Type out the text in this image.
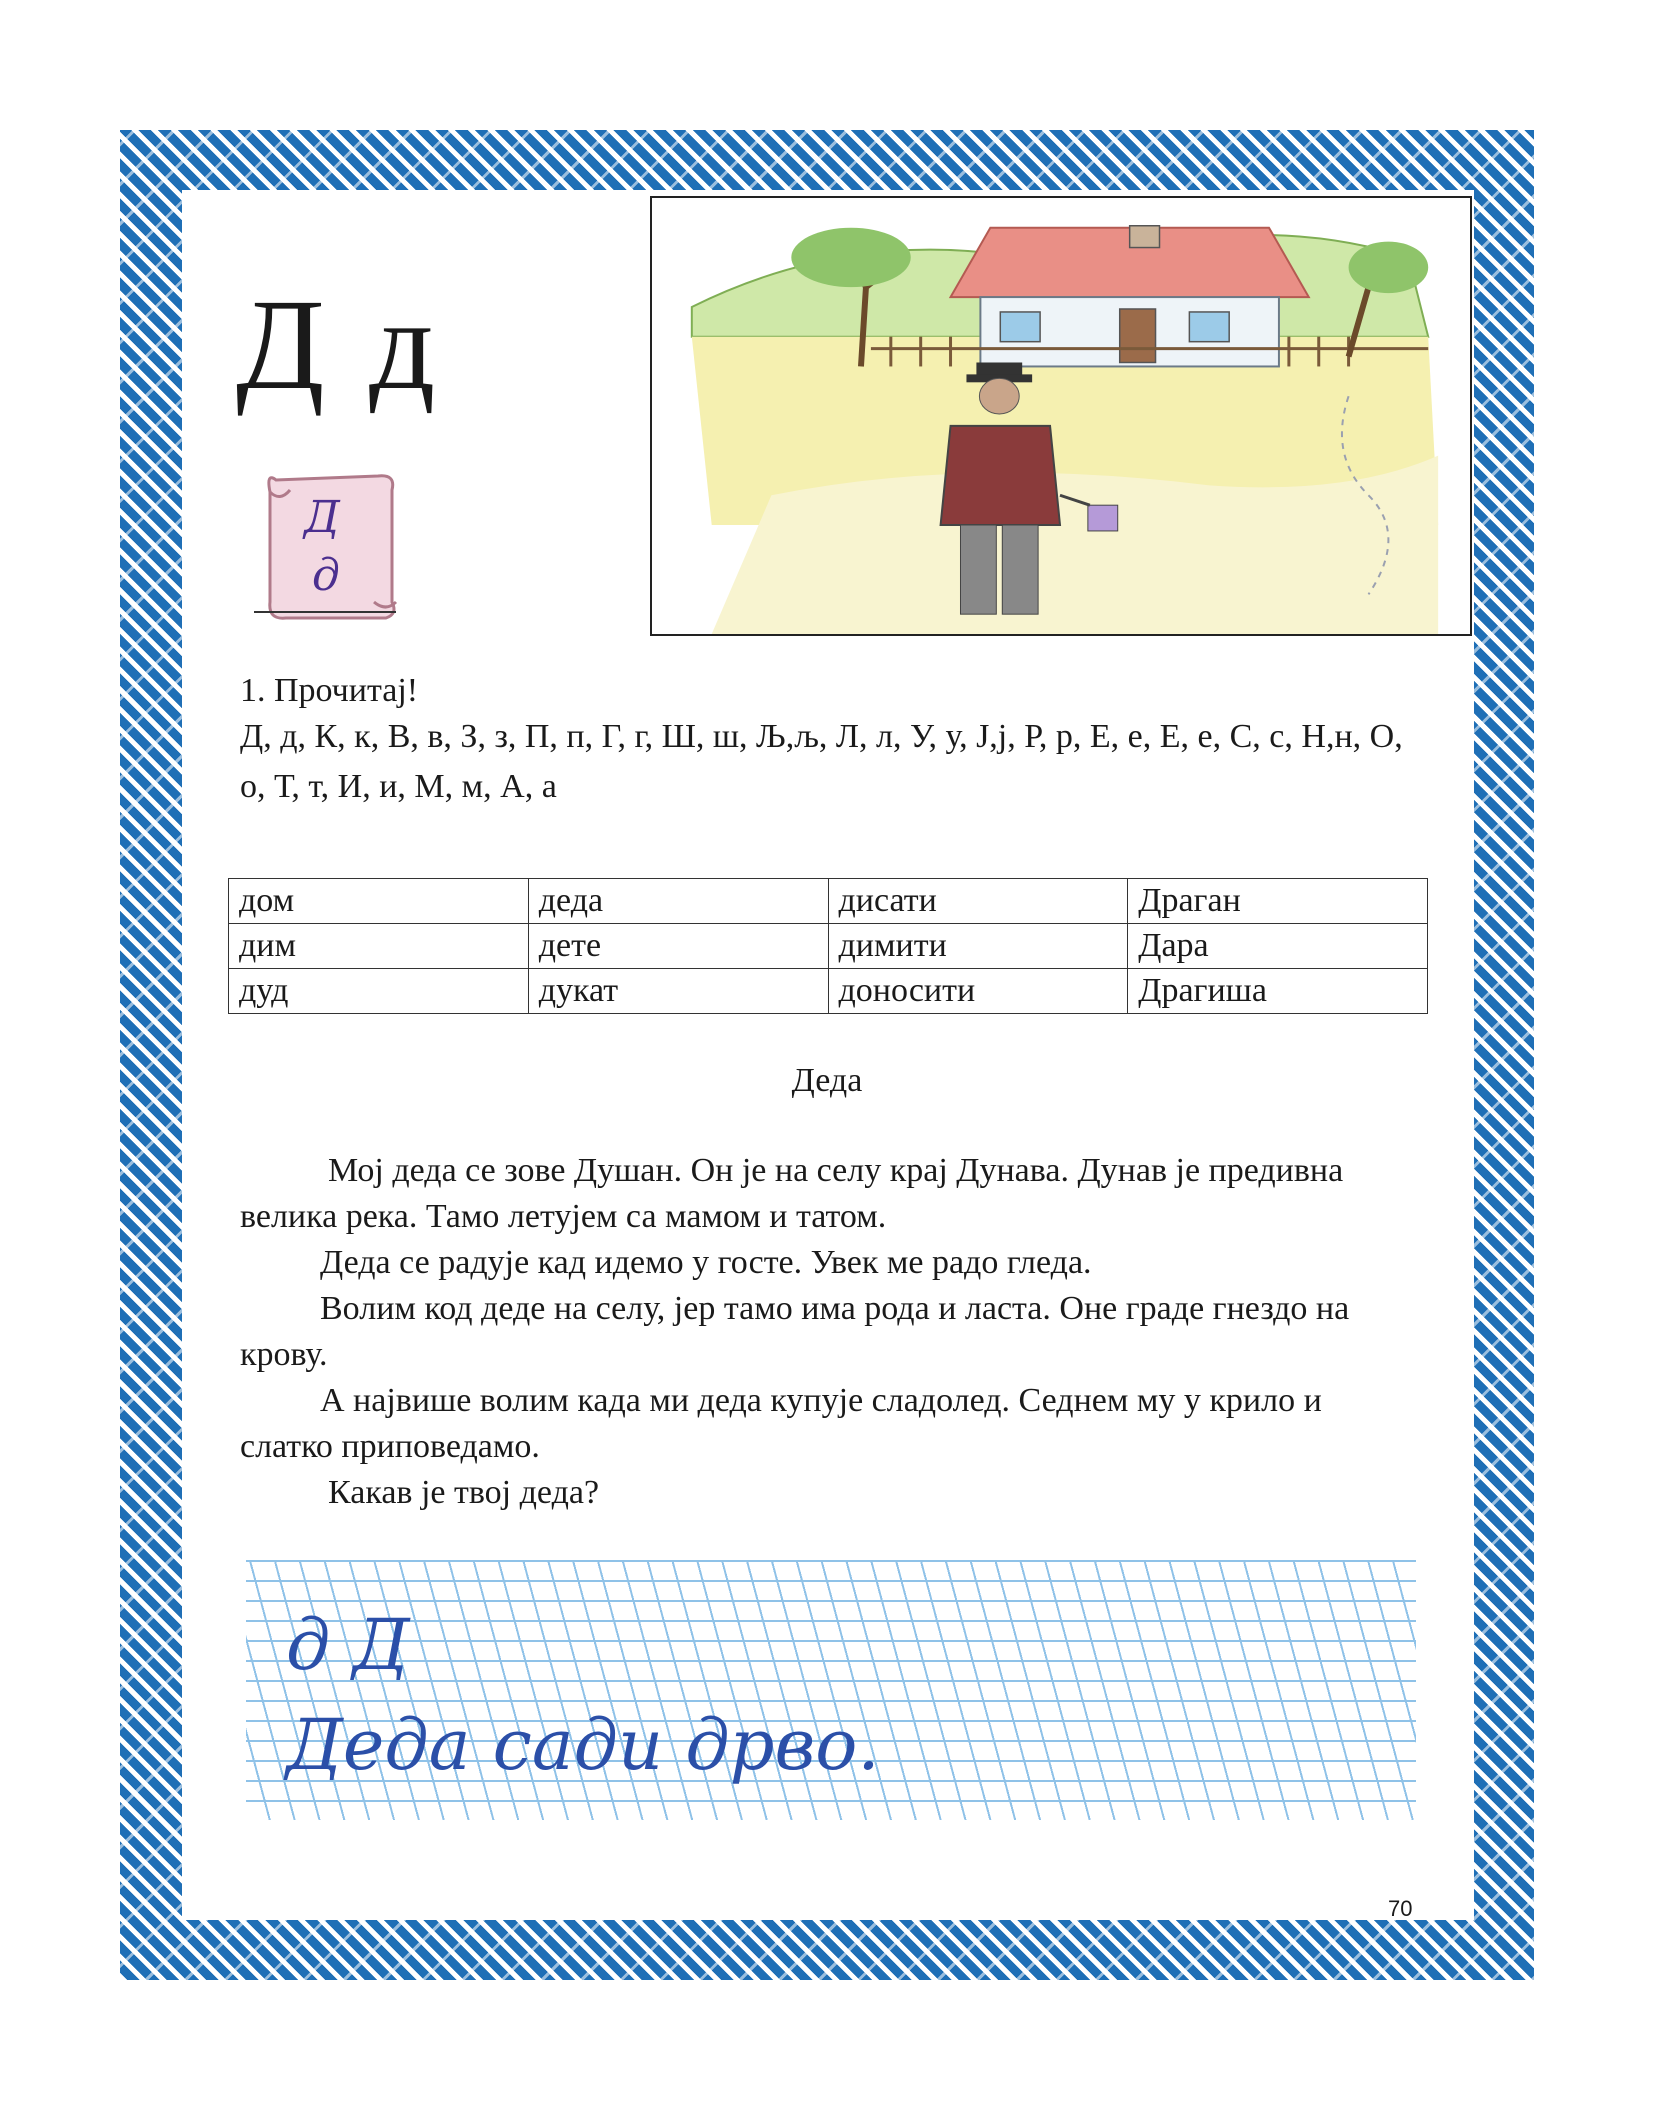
Д д
Д
д
1. Прочитај!
Д, д, К, к, В, в, З, з, П, п, Г, г, Ш, ш, Љ,љ, Л, л, У, у, Ј,ј, Р, р, Е, е, Е, е, С, с, Н,н, О, о, Т, т, И, и, М, м, А, а
дом	деда	дисати	Драган
дим	дете	димити	Дара
дуд	дукат	доносити	Драгиша
Деда

Мој деда се зове Душан. Он је на селу крај Дунава. Дунав је предивна велика река. Тамо летујем са мамом и татом.

Деда се радује кад идемо у госте. Увек ме радо гледа.

Волим код деде на селу, јер тамо има рода и ласта. Оне граде гнездо на крову.

А највише волим када ми деда купује сладолед. Седнем му у крило и слатко приповедамо.

Какав је твој деда?

д Д
Деда сади дрво.
70
